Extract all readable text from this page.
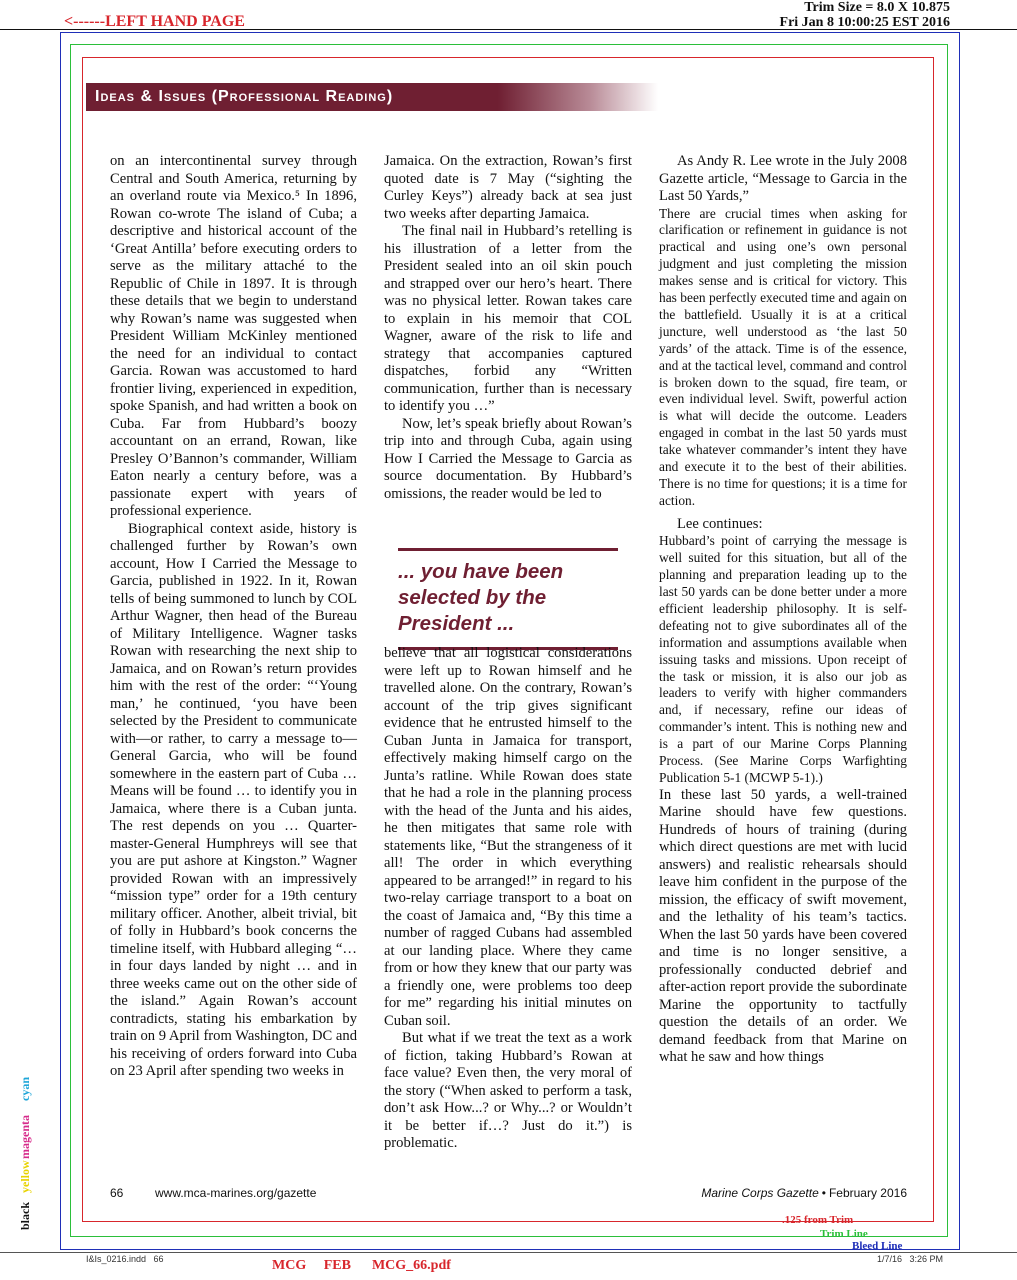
<------LEFT HAND PAGE
Trim Size = 8.0 X 10.875
Fri Jan 8 10:00:25 EST 2016
Ideas & Issues (Professional Reading)

on an intercontinental survey through Central and South America, returning by an overland route via Mexico.⁵ In 1896, Rowan co-wrote The island of Cuba; a descriptive and historical account of the ‘Great Antilla’ before executing orders to serve as the military attaché to the Republic of Chile in 1897. It is through these details that we begin to understand why Rowan’s name was suggested when President William McKinley mentioned the need for an individual to contact Garcia. Rowan was accustomed to hard frontier living, experienced in expedition, spoke Spanish, and had written a book on Cuba. Far from Hubbard’s boozy accountant on an errand, Rowan, like Presley O’Bannon’s commander, William Eaton nearly a century before, was a passionate expert with years of professional experience.

Biographical context aside, history is challenged further by Rowan’s own account, How I Carried the Message to Garcia, published in 1922. In it, Rowan tells of being summoned to lunch by COL Arthur Wagner, then head of the Bureau of Military Intelligence. Wagner tasks Rowan with researching the next ship to Jamaica, and on Rowan’s return provides him with the rest of the order: “‘Young man,’ he continued, ‘you have been selected by the President to communicate with—or rather, to carry a message to—General Garcia, who will be found somewhere in the eastern part of Cuba … Means will be found … to identify you in Jamaica, where there is a Cuban junta. The rest depends on you … Quarter-master-General Humphreys will see that you are put ashore at Kingston.” Wagner provided Rowan with an impressively “mission type” order for a 19th century military officer. Another, albeit trivial, bit of folly in Hubbard’s book concerns the timeline itself, with Hubbard alleging “… in four days landed by night … and in three weeks came out on the other side of the island.” Again Rowan’s account contradicts, stating his embarkation by train on 9 April from Washington, DC and his receiving of orders forward into Cuba on 23 April after spending two weeks in

Jamaica. On the extraction, Rowan’s first quoted date is 7 May (“sighting the Curley Keys”) already back at sea just two weeks after departing Jamaica.

The final nail in Hubbard’s retelling is his illustration of a letter from the President sealed into an oil skin pouch and strapped over our hero’s heart. There was no physical letter. Rowan takes care to explain in his memoir that COL Wagner, aware of the risk to life and strategy that accompanies captured dispatches, forbid any “Written communication, further than is necessary to identify you …”

Now, let’s speak briefly about Rowan’s trip into and through Cuba, again using How I Carried the Message to Garcia as source documentation. By Hubbard’s omissions, the reader would be led to

... you have been selected by the President ...

believe that all logistical considerations were left up to Rowan himself and he travelled alone. On the contrary, Rowan’s account of the trip gives significant evidence that he entrusted himself to the Cuban Junta in Jamaica for transport, effectively making himself cargo on the Junta’s ratline. While Rowan does state that he had a role in the planning process with the head of the Junta and his aides, he then mitigates that same role with statements like, “But the strangeness of it all! The order in which everything appeared to be arranged!” in regard to his two-relay carriage transport to a boat on the coast of Jamaica and, “By this time a number of ragged Cubans had assembled at our landing place. Where they came from or how they knew that our party was a friendly one, were problems too deep for me” regarding his initial minutes on Cuban soil.

But what if we treat the text as a work of fiction, taking Hubbard’s Rowan at face value? Even then, the very moral of the story (“When asked to perform a task, don’t ask How...? or Why...? or Wouldn’t it be better if…? Just do it.”) is problematic.

As Andy R. Lee wrote in the July 2008 Gazette article, “Message to Garcia in the Last 50 Yards,”

There are crucial times when asking for clarification or refinement in guidance is not practical and using one’s own personal judgment and just completing the mission makes sense and is critical for victory. This has been perfectly executed time and again on the battlefield. Usually it is at a critical juncture, well understood as ‘the last 50 yards’ of the attack. Time is of the essence, and at the tactical level, command and control is broken down to the squad, fire team, or even individual level. Swift, powerful action is what will decide the outcome. Leaders engaged in combat in the last 50 yards must take whatever commander’s intent they have and execute it to the best of their abilities. There is no time for questions; it is a time for action.

Lee continues:

Hubbard’s point of carrying the message is well suited for this situation, but all of the planning and preparation leading up to the last 50 yards can be done better under a more efficient leadership philosophy. It is self-defeating not to give subordinates all of the information and assumptions available when issuing tasks and missions. Upon receipt of the task or mission, it is also our job as leaders to verify with higher commanders and, if necessary, refine our ideas of commander’s intent. This is nothing new and is a part of our Marine Corps Planning Process. (See Marine Corps Warfighting Publication 5-1 (MCWP 5-1).)

In these last 50 yards, a well-trained Marine should have few questions. Hundreds of hours of training (during which direct questions are met with lucid answers) and realistic rehearsals should leave him confident in the purpose of the mission, the efficacy of swift movement, and the lethality of his team’s tactics. When the last 50 yards have been covered and time is no longer sensitive, a professionally conducted debrief and after-action report provide the subordinate Marine the opportunity to tactfully question the details of an order. We demand feedback from that Marine on what he saw and how things

66	www.mca-marines.org/gazette	Marine Corps Gazette • February 2016
.125 from Trim
Trim Line
Bleed Line
I&Is_0216.indd   66	1/7/16   3:26 PM
MCG     FEB      MCG_66.pdf
black
yellow
magenta
cyan
